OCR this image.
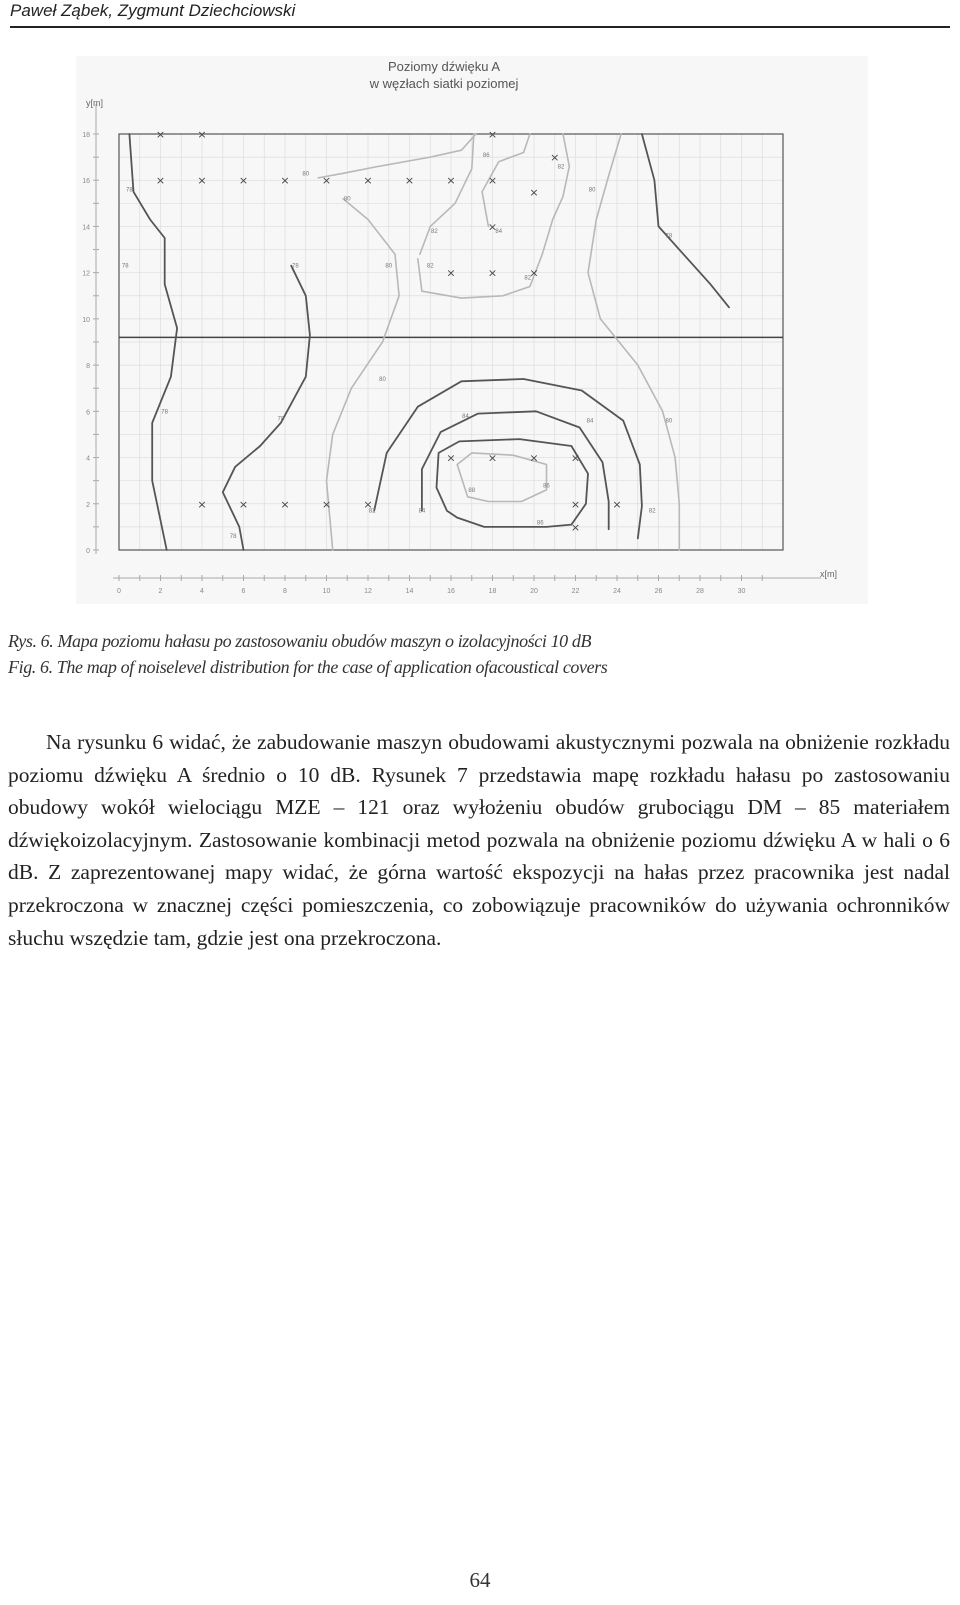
Paweł Ząbek, Zygmunt Dziechciowski
Poziomy dźwięku A
w węzłach siatki poziomej
y[m]
x[m]
0
2
4
6
8
10
12
14
16
18
0	2	4	6	8	10	12	14	16	18	20	22	24	26	28	30
×	×	×
×	×	×	×	×	×	×	×	×
×
×
×
×	×	×
×	×	×	×
×	×	×	×	×	×	×
×
78
78	78
80
80
80	82
82	84
86
82
82
80
78
80
78
78	84
84	80
88
86
86
82	84	82
78
Rys. 6. Mapa poziomu hałasu po zastosowaniu obudów maszyn o izolacyjności 10 dB
Fig. 6. The map of noiselevel distribution for the case of application ofacoustical covers

Na rysunku 6 widać, że zabudowanie maszyn obudowami akustycznymi pozwala na obniżenie rozkładu poziomu dźwięku A średnio o 10 dB. Rysunek 7 przedstawia mapę rozkładu hałasu po zastosowaniu obudowy wokół wielociągu MZE – 121 oraz wyłożeniu obudów grubociągu DM – 85 materiałem dźwiękoizolacyjnym. Zastosowanie kombinacji metod pozwala na obniżenie poziomu dźwięku A w hali o 6 dB. Z zaprezentowanej mapy widać, że górna wartość ekspozycji na hałas przez pracownika jest nadal przekroczona w znacznej części pomieszczenia, co zobowiązuje pracowników do używania ochronników słuchu wszędzie tam, gdzie jest ona przekroczona.

64
